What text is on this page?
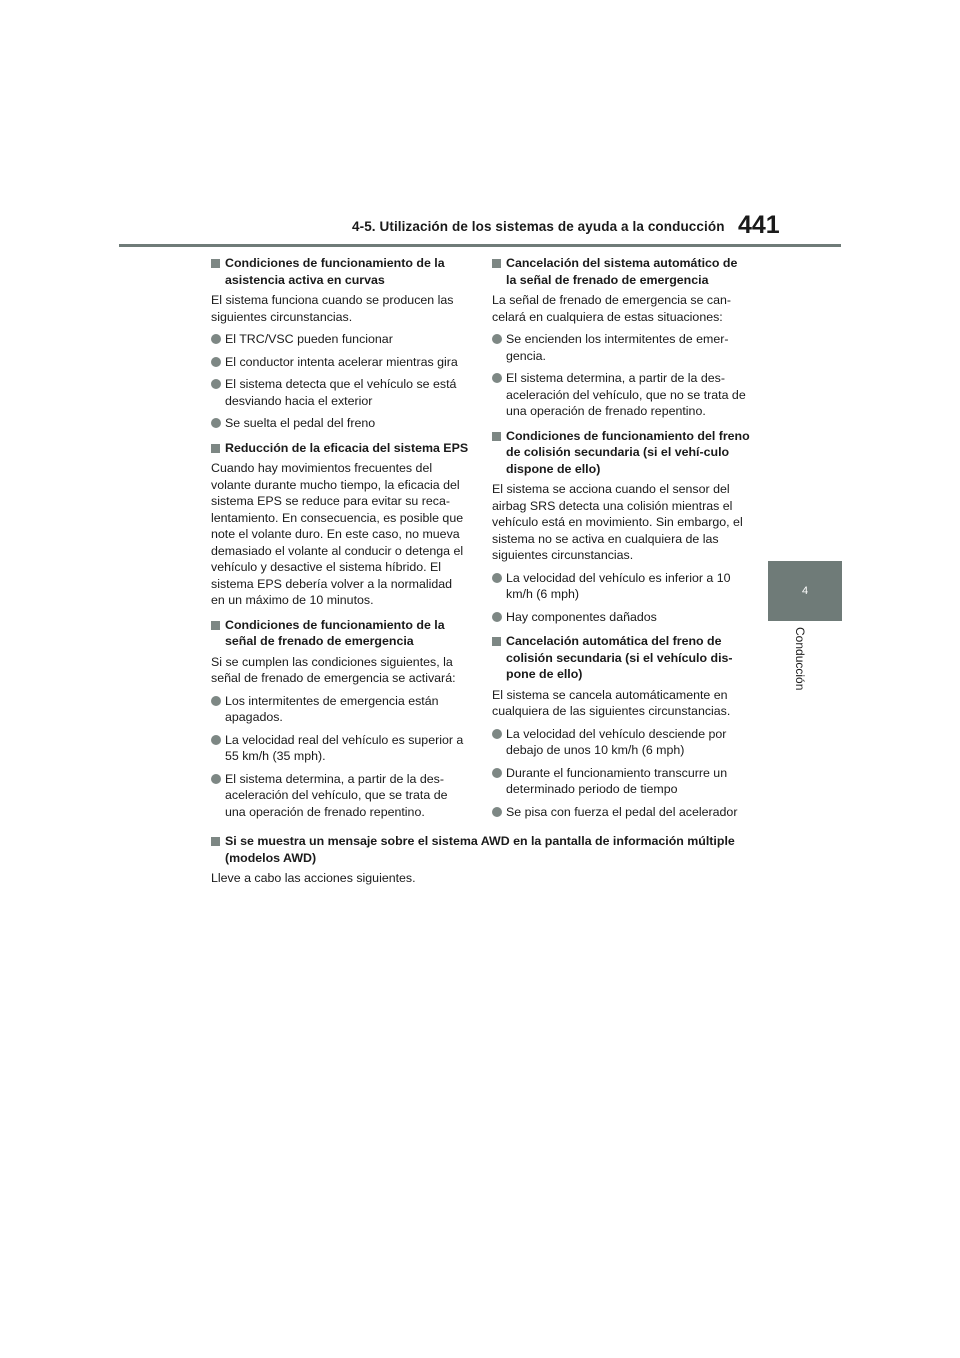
4-5. Utilización de los sistemas de ayuda a la conducción 441
4
Conducción
Condiciones de funcionamiento de la asistencia activa en curvas
El sistema funciona cuando se producen las siguientes circunstancias.
El TRC/VSC pueden funcionar
El conductor intenta acelerar mientras gira
El sistema detecta que el vehículo se está desviando hacia el exterior
Se suelta el pedal del freno
Reducción de la eficacia del sistema EPS
Cuando hay movimientos frecuentes del volante durante mucho tiempo, la eficacia del sistema EPS se reduce para evitar su reca-lentamiento. En consecuencia, es posible que note el volante duro. En este caso, no mueva demasiado el volante al conducir o detenga el vehículo y desactive el sistema híbrido. El sistema EPS debería volver a la normalidad en un máximo de 10 minutos.
Condiciones de funcionamiento de la señal de frenado de emergencia
Si se cumplen las condiciones siguientes, la señal de frenado de emergencia se activará:
Los intermitentes de emergencia están apagados.
La velocidad real del vehículo es superior a 55 km/h (35 mph).
El sistema determina, a partir de la des-aceleración del vehículo, que se trata de una operación de frenado repentino.
Cancelación del sistema automático de la señal de frenado de emergencia
La señal de frenado de emergencia se can-celará en cualquiera de estas situaciones:
Se encienden los intermitentes de emer-gencia.
El sistema determina, a partir de la des-aceleración del vehículo, que no se trata de una operación de frenado repentino.
Condiciones de funcionamiento del freno de colisión secundaria (si el vehí-culo dispone de ello)
El sistema se acciona cuando el sensor del airbag SRS detecta una colisión mientras el vehículo está en movimiento. Sin embargo, el sistema no se activa en cualquiera de las siguientes circunstancias.
La velocidad del vehículo es inferior a 10 km/h (6 mph)
Hay componentes dañados
Cancelación automática del freno de colisión secundaria (si el vehículo dis-pone de ello)
El sistema se cancela automáticamente en cualquiera de las siguientes circunstancias.
La velocidad del vehículo desciende por debajo de unos 10 km/h (6 mph)
Durante el funcionamiento transcurre un determinado periodo de tiempo
Se pisa con fuerza el pedal del acelerador
Si se muestra un mensaje sobre el sistema AWD en la pantalla de información múltiple (modelos AWD)
Lleve a cabo las acciones siguientes.
